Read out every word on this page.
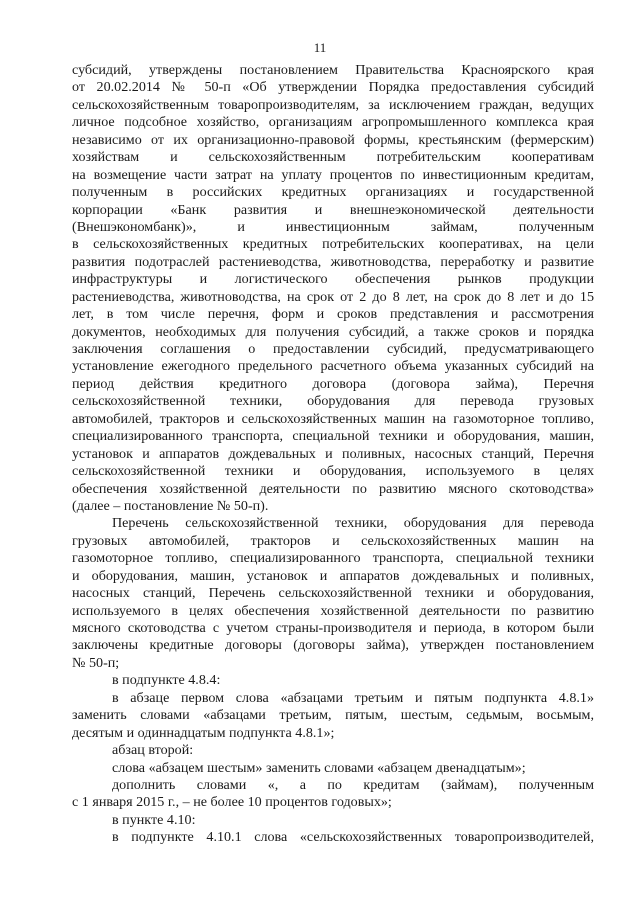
11
субсидий, утверждены постановлением Правительства Красноярского края
от 20.02.2014 № 50-п «Об утверждении Порядка предоставления субсидий
сельскохозяйственным товаропроизводителям, за исключением граждан, ведущих
личное подсобное хозяйство, организациям агропромышленного комплекса края
независимо от их организационно-правовой формы, крестьянским (фермерским)
хозяйствам и сельскохозяйственным потребительским кооперативам
на возмещение части затрат на уплату процентов по инвестиционным кредитам,
полученным в российских кредитных организациях и государственной
корпорации «Банк развития и внешнеэкономической деятельности
(Внешэкономбанк)», и инвестиционным займам, полученным
в сельскохозяйственных кредитных потребительских кооперативах, на цели
развития подотраслей растениеводства, животноводства, переработку и развитие
инфраструктуры и логистического обеспечения рынков продукции
растениеводства, животноводства, на срок от 2 до 8 лет, на срок до 8 лет и до 15
лет, в том числе перечня, форм и сроков представления и рассмотрения
документов, необходимых для получения субсидий, а также сроков и порядка
заключения соглашения о предоставлении субсидий, предусматривающего
установление ежегодного предельного расчетного объема указанных субсидий на
период действия кредитного договора (договора займа), Перечня
сельскохозяйственной техники, оборудования для перевода грузовых
автомобилей, тракторов и сельскохозяйственных машин на газомоторное топливо,
специализированного транспорта, специальной техники и оборудования, машин,
установок и аппаратов дождевальных и поливных, насосных станций, Перечня
сельскохозяйственной техники и оборудования, используемого в целях
обеспечения хозяйственной деятельности по развитию мясного скотоводства»
(далее – постановление № 50-п).
Перечень сельскохозяйственной техники, оборудования для перевода
грузовых автомобилей, тракторов и сельскохозяйственных машин на
газомоторное топливо, специализированного транспорта, специальной техники
и оборудования, машин, установок и аппаратов дождевальных и поливных,
насосных станций, Перечень сельскохозяйственной техники и оборудования,
используемого в целях обеспечения хозяйственной деятельности по развитию
мясного скотоводства с учетом страны-производителя и периода, в котором были
заключены кредитные договоры (договоры займа), утвержден постановлением
№ 50-п;
в подпункте 4.8.4:
в абзаце первом слова «абзацами третьим и пятым подпункта 4.8.1»
заменить словами «абзацами третьим, пятым, шестым, седьмым, восьмым,
десятым и одиннадцатым подпункта 4.8.1»;
абзац второй:
слова «абзацем шестым» заменить словами «абзацем двенадцатым»;
дополнить словами «, а по кредитам (займам), полученным
с 1 января 2015 г., – не более 10 процентов годовых»;
в пункте 4.10:
в подпункте 4.10.1 слова «сельскохозяйственных товаропроизводителей,
